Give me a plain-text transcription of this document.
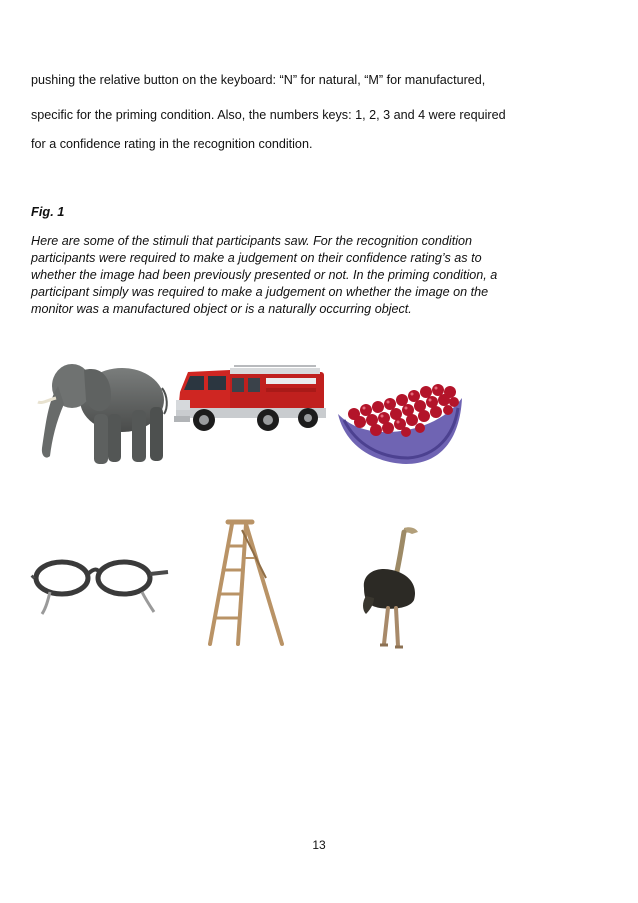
pushing the relative button on the keyboard: “N” for natural, “M” for manufactured,

specific for the priming condition. Also, the numbers keys: 1, 2, 3 and 4 were required

for a confidence rating in the recognition condition.

Fig. 1

Here are some of the stimuli that participants saw. For the recognition condition
participants were required to make a judgement on their confidence rating’s as to
whether the image had been previously presented or not. In the priming condition, a
participant simply was required to make a judgement on whether the image on the
monitor was a manufactured object or is a naturally occurring object.

13
